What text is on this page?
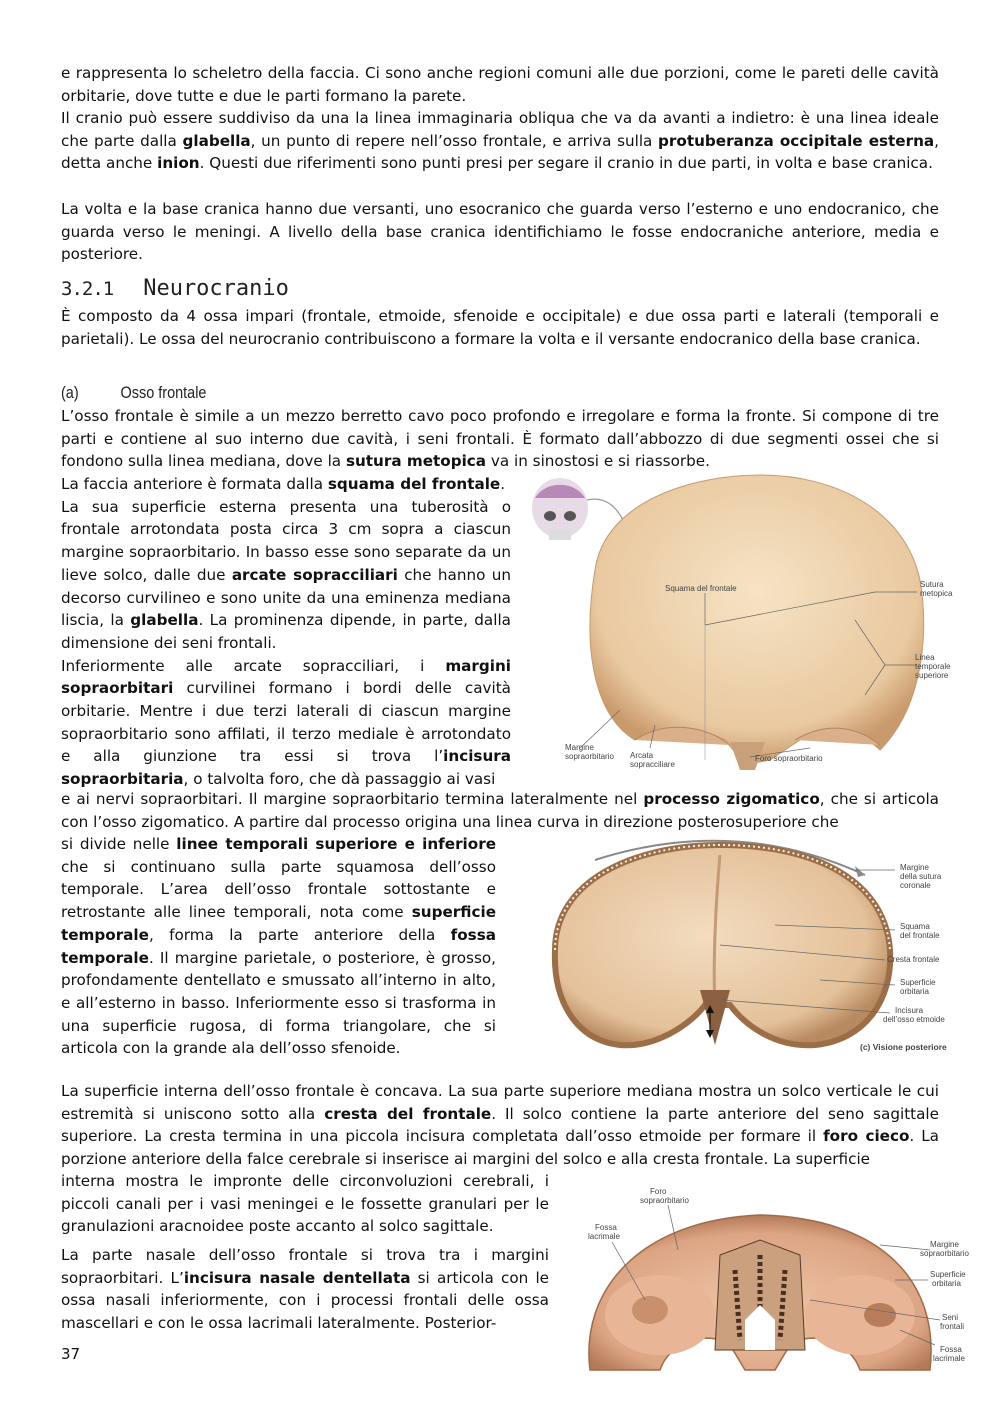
e rappresenta lo scheletro della faccia. Ci sono anche regioni comuni alle due porzioni, come le pareti delle cavità orbitarie, dove tutte e due le parti formano la parete.

Il cranio può essere suddiviso da una la linea immaginaria obliqua che va da avanti a indietro: è una linea ideale che parte dalla glabella, un punto di repere nell’osso frontale, e arriva sulla protuberanza occipitale esterna, detta anche inion. Questi due riferimenti sono punti presi per segare il cranio in due parti, in volta e base cranica.

La volta e la base cranica hanno due versanti, uno esocranico che guarda verso l’esterno e uno endocranico, che guarda verso le meningi. A livello della base cranica identifichiamo le fosse endocraniche anteriore, media e posteriore.

3.2.1 Neurocranio

È composto da 4 ossa impari (frontale, etmoide, sfenoide e occipitale) e due ossa parti e laterali (temporali e parietali). Le ossa del neurocranio contribuiscono a formare la volta e il versante endocranico della base cranica.

(a) Osso frontale

L’osso frontale è simile a un mezzo berretto cavo poco profondo e irregolare e forma la fronte. Si compone di tre parti e contiene al suo interno due cavità, i seni frontali. È formato dall’abbozzo di due segmenti ossei che si fondono sulla linea mediana, dove la sutura metopica va in sinostosi e si riassorbe.

La faccia anteriore è formata dalla squama del frontale.
La sua superficie esterna presenta una tuberosità o frontale arrotondata posta circa 3 cm sopra a ciascun margine sopraorbitario. In basso esse sono separate da un lieve solco, dalle due arcate sopracciliari che hanno un decorso curvilineo e sono unite da una eminenza mediana liscia, la glabella. La prominenza dipende, in parte, dalla dimensione dei seni frontali.
Inferiormente alle arcate sopracciliari, i margini sopraorbitari curvilinei formano i bordi delle cavità orbitarie. Mentre i due terzi laterali di ciascun margine sopraorbitario sono affilati, il terzo mediale è arrotondato e alla giunzione tra essi si trova l’incisura sopraorbitaria, o talvolta foro, che dà passaggio ai vasi

e ai nervi sopraorbitari. Il margine sopraorbitario termina lateralmente nel processo zigomatico, che si articola con l’osso zigomatico. A partire dal processo origina una linea curva in direzione posterosuperiore che

si divide nelle linee temporali superiore e inferiore che si continuano sulla parte squamosa dell’osso temporale. L’area dell’osso frontale sottostante e retrostante alle linee temporali, nota come superficie temporale, forma la parte anteriore della fossa temporale. Il margine parietale, o posteriore, è grosso, profondamente dentellato e smussato all’interno in alto, e all’esterno in basso. Inferiormente esso si trasforma in una superficie rugosa, di forma triangolare, che si articola con la grande ala dell’osso sfenoide.

La superficie interna dell’osso frontale è concava. La sua parte superiore mediana mostra un solco verticale le cui estremità si uniscono sotto alla cresta del frontale. Il solco contiene la parte anteriore del seno sagittale superiore. La cresta termina in una piccola incisura completata dall’osso etmoide per formare il foro cieco. La porzione anteriore della falce cerebrale si inserisce ai margini del solco e alla cresta frontale. La superficie

interna mostra le impronte delle circonvoluzioni cerebrali, i piccoli canali per i vasi meningei e le fossette granulari per le granulazioni aracnoidee poste accanto al solco sagittale.

La parte nasale dell’osso frontale si trova tra i margini sopraorbitari. L’incisura nasale dentellata si articola con le ossa nasali inferiormente, con i processi frontali delle ossa mascellari e con le ossa lacrimali lateralmente. Posterior-

Squama del frontale	Sutura
metopica
Linea
temporale
superiore
Margine
sopraorbitario Arcata
sopracciliare
Foro sopraorbitario
Margine
della sutura
coronale
Squama
del frontale
Cresta frontale
Superficie
orbitaria
Incisura
dell’osso etmoide
(c) Visione posteriore
Foro
sopraorbitario
Fossa
lacrimale
Margine
sopraorbitario
Superficie
orbitaria
Seni
frontali
Fossa
lacrimale
37
